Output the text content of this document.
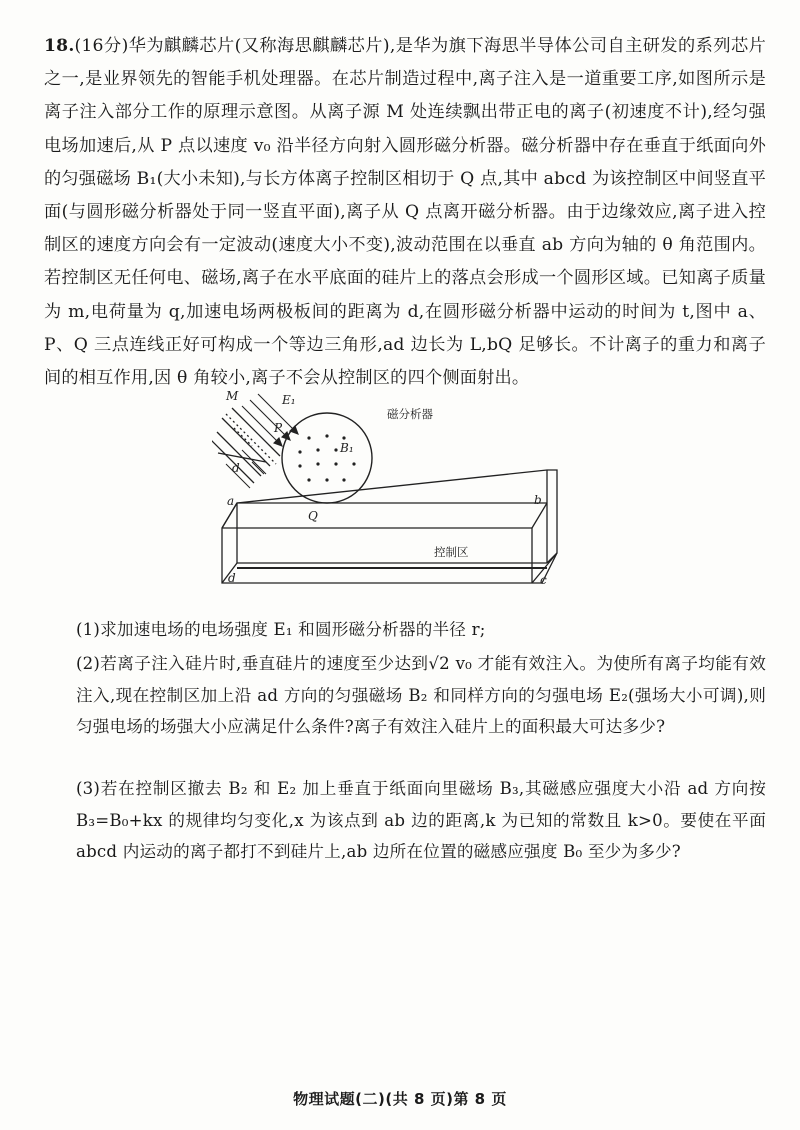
18.(16分)华为麒麟芯片(又称海思麒麟芯片),是华为旗下海思半导体公司自主研发的系列芯片之一,是业界领先的智能手机处理器。在芯片制造过程中,离子注入是一道重要工序,如图所示是离子注入部分工作的原理示意图。从离子源 M 处连续飘出带正电的离子(初速度不计),经匀强电场加速后,从 P 点以速度 v₀ 沿半径方向射入圆形磁分析器。磁分析器中存在垂直于纸面向外的匀强磁场 B₁(大小未知),与长方体离子控制区相切于 Q 点,其中 abcd 为该控制区中间竖直平面(与圆形磁分析器处于同一竖直平面),离子从 Q 点离开磁分析器。由于边缘效应,离子进入控制区的速度方向会有一定波动(速度大小不变),波动范围在以垂直 ab 方向为轴的 θ 角范围内。若控制区无任何电、磁场,离子在水平底面的硅片上的落点会形成一个圆形区域。已知离子质量为 m,电荷量为 q,加速电场两极板间的距离为 d,在圆形磁分析器中运动的时间为 t,图中 a、P、Q 三点连线正好可构成一个等边三角形,ad 边长为 L,bQ 足够长。不计离子的重力和离子间的相互作用,因 θ 角较小,离子不会从控制区的四个侧面射出。

M	E₁
P
d
B₁
Q
磁分析器
控制区
a	b
c
d

(1)求加速电场的电场强度 E₁ 和圆形磁分析器的半径 r;

(2)若离子注入硅片时,垂直硅片的速度至少达到√2 v₀ 才能有效注入。为使所有离子均能有效注入,现在控制区加上沿 ad 方向的匀强磁场 B₂ 和同样方向的匀强电场 E₂(强场大小可调),则匀强电场的场强大小应满足什么条件?离子有效注入硅片上的面积最大可达多少?

(3)若在控制区撤去 B₂ 和 E₂ 加上垂直于纸面向里磁场 B₃,其磁感应强度大小沿 ad 方向按 B₃=B₀+kx 的规律均匀变化,x 为该点到 ab 边的距离,k 为已知的常数且 k>0。要使在平面 abcd 内运动的离子都打不到硅片上,ab 边所在位置的磁感应强度 B₀ 至少为多少?

物理试题(二)(共 8 页)第 8 页
